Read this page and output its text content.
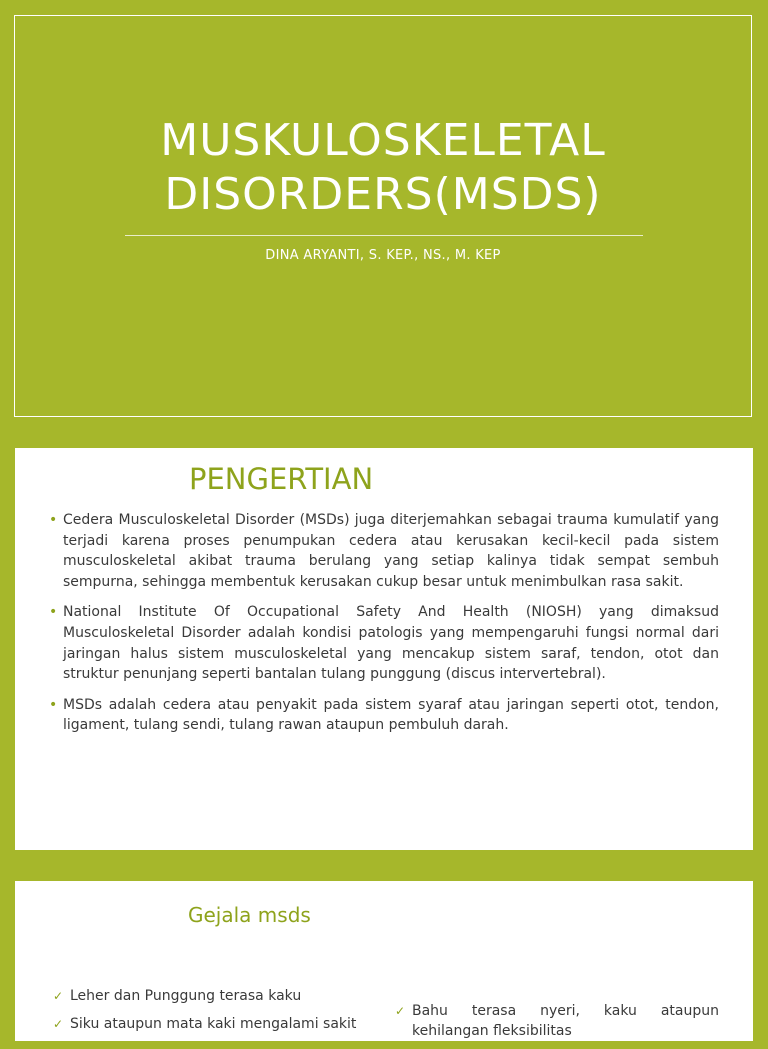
MUSKULOSKELETAL
DISORDERS(MSDS)
DINA ARYANTI, S. KEP., NS., M. KEP
PENGERTIAN
• Cedera Musculoskeletal Disorder (MSDs) juga diterjemahkan sebagai trauma kumulatif yang terjadi karena proses penumpukan cedera atau kerusakan kecil-kecil pada sistem musculoskeletal akibat trauma berulang yang setiap kalinya tidak sempat sembuh sempurna, sehingga membentuk kerusakan cukup besar untuk menimbulkan rasa sakit.
• National Institute Of Occupational Safety And Health (NIOSH) yang dimaksud Musculoskeletal Disorder adalah kondisi patologis yang mempengaruhi fungsi normal dari jaringan halus sistem musculoskeletal yang mencakup sistem saraf, tendon, otot dan struktur penunjang seperti bantalan tulang punggung (discus intervertebral).
• MSDs adalah cedera atau penyakit pada sistem syaraf atau jaringan seperti otot, tendon, ligament, tulang sendi, tulang rawan ataupun pembuluh darah.
Gejala msds
✓ Leher dan Punggung terasa kaku
✓ Siku ataupun mata kaki mengalami sakit
✓ Bahu terasa nyeri, kaku ataupun kehilangan fleksibilitas
